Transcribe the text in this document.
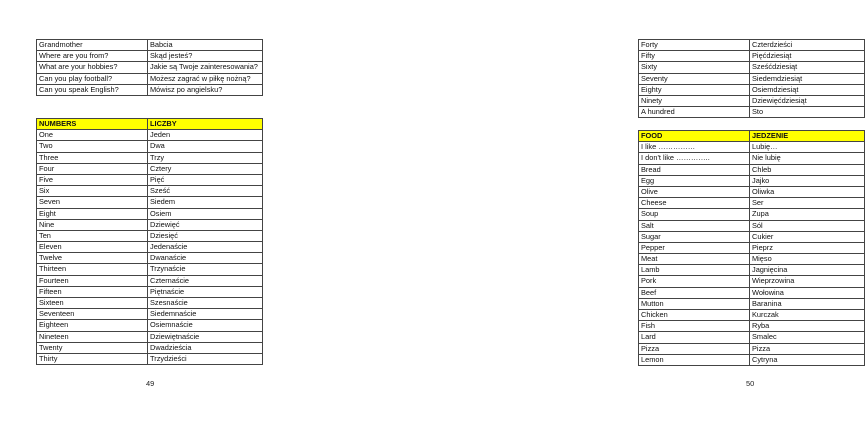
Grandmother	Babcia
Where are you from?	Skąd jesteś?
What are your hobbies?	Jakie są Twoje zainteresowania?
Can you play football?	Możesz zagrać w piłkę nożną?
Can you speak English?	Mówisz po angielsku?
NUMBERS	LICZBY
One	Jeden
Two	Dwa
Three	Trzy
Four	Cztery
Five	Pięć
Six	Sześć
Seven	Siedem
Eight	Osiem
Nine	Dziewięć
Ten	Dziesięć
Eleven	Jedenaście
Twelve	Dwanaście
Thirteen	Trzynaście
Fourteen	Czternaście
Fifteen	Piętnaście
Sixteen	Szesnaście
Seventeen	Siedemnaście
Eighteen	Osiemnaście
Nineteen	Dziewiętnaście
Twenty	Dwadzieścia
Thirty	Trzydzieści
49
Forty	Czterdzieści
Fifty	Pięćdziesiąt
Sixty	Sześćdziesiąt
Seventy	Siedemdziesiąt
Eighty	Osiemdziesiąt
Ninety	Dziewięćdziesiąt
A hundred	Sto
FOOD	JEDZENIE
I like ……………	Lubię…
I don't like …………..	Nie lubię
Bread	Chleb
Egg	Jajko
Olive	Oliwka
Cheese	Ser
Soup	Zupa
Salt	Sól
Sugar	Cukier
Pepper	Pieprz
Meat	Mięso
Lamb	Jagnięcina
Pork	Wieprzowina
Beef	Wołowina
Mutton	Baranina
Chicken	Kurczak
Fish	Ryba
Lard	Smalec
Pizza	Pizza
Lemon	Cytryna
50
